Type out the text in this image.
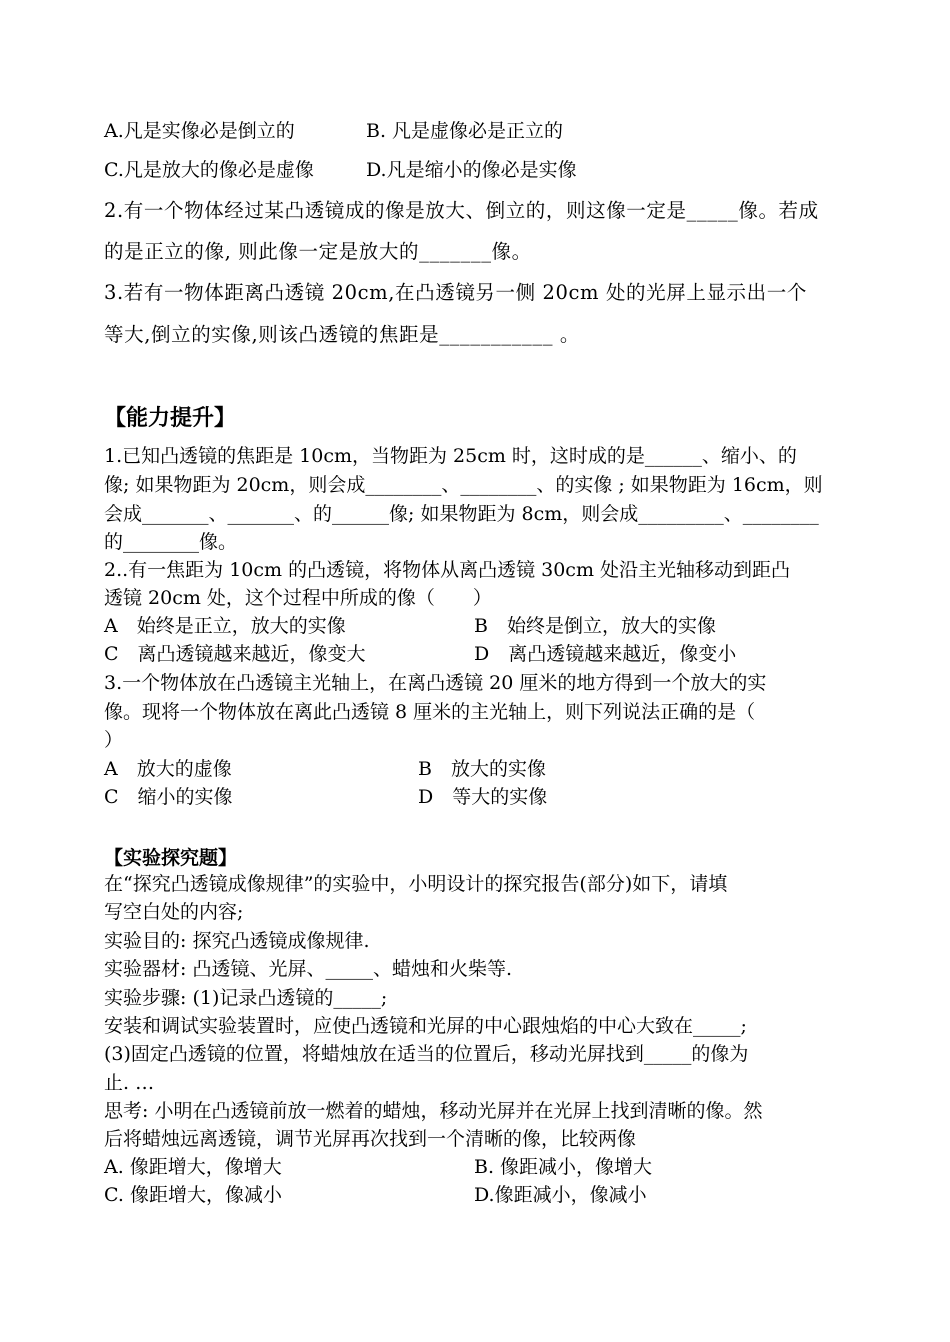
A.凡是实像必是倒立的	B. 凡是虚像必是正立的
C.凡是放大的像必是虚像	D.凡是缩小的像必是实像
2.有一个物体经过某凸透镜成的像是放大、倒立的，则这像一定是_____像。若成
的是正立的像, 则此像一定是放大的_______像。
3.若有一物体距离凸透镜 20cm,在凸透镜另一侧 20cm 处的光屏上显示出一个
等大,倒立的实像,则该凸透镜的焦距是___________ 。
【能力提升】
1.已知凸透镜的焦距是 10cm，当物距为 25cm 时，这时成的是______、缩小、的
像; 如果物距为 20cm，则会成________、________、的实像 ; 如果物距为 16cm，则
会成_______、_______、的______像; 如果物距为 8cm，则会成_________、________
的________像。
2..有一焦距为 10cm 的凸透镜，将物体从离凸透镜 30cm 处沿主光轴移动到距凸
透镜 20cm 处，这个过程中所成的像（　　）
A　始终是正立，放大的实像	B　始终是倒立，放大的实像
C　离凸透镜越来越近，像变大	D　离凸透镜越来越近，像变小
3.一个物体放在凸透镜主光轴上，在离凸透镜 20 厘米的地方得到一个放大的实
像。现将一个物体放在离此凸透镜 8 厘米的主光轴上，则下列说法正确的是（
）
A　放大的虚像	B　放大的实像
C　缩小的实像	D　等大的实像
【实验探究题】
在“探究凸透镜成像规律”的实验中，小明设计的探究报告(部分)如下，请填
写空白处的内容;
实验目的: 探究凸透镜成像规律.
实验器材: 凸透镜、光屏、_____、蜡烛和火柴等.
实验步骤: (1)记录凸透镜的_____;
安装和调试实验装置时，应使凸透镜和光屏的中心跟烛焰的中心大致在_____;
(3)固定凸透镜的位置，将蜡烛放在适当的位置后，移动光屏找到_____的像为
止. …
思考: 小明在凸透镜前放一燃着的蜡烛，移动光屏并在光屏上找到清晰的像。然
后将蜡烛远离透镜，调节光屏再次找到一个清晰的像，比较两像
A. 像距增大，像增大	B. 像距减小，像增大
C. 像距增大，像减小	D.像距减小，像减小
